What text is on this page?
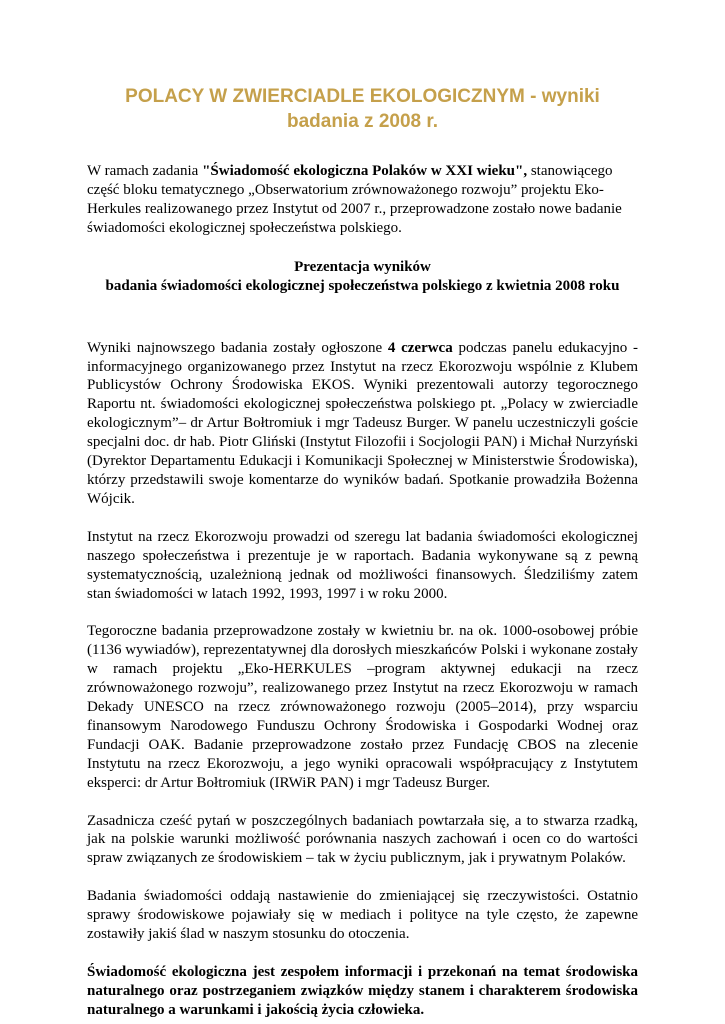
POLACY W ZWIERCIADLE EKOLOGICZNYM - wyniki
badania z 2008 r.

W ramach zadania "Świadomość ekologiczna Polaków w XXI wieku", stanowiącego część bloku tematycznego „Obserwatorium zrównoważonego rozwoju” projektu Eko-Herkules realizowanego przez Instytut od 2007 r., przeprowadzone zostało nowe badanie świadomości ekologicznej społeczeństwa polskiego.

Prezentacja wyników
badania świadomości ekologicznej społeczeństwa polskiego z kwietnia 2008 roku

Wyniki najnowszego badania zostały ogłoszone 4 czerwca podczas panelu edukacyjno - informacyjnego organizowanego przez Instytut na rzecz Ekorozwoju wspólnie z Klubem Publicystów Ochrony Środowiska EKOS. Wyniki prezentowali autorzy tegorocznego Raportu nt. świadomości ekologicznej społeczeństwa polskiego pt. „Polacy w zwierciadle ekologicznym”– dr Artur Bołtromiuk i mgr Tadeusz Burger. W panelu uczestniczyli goście specjalni doc. dr hab. Piotr Gliński (Instytut Filozofii i Socjologii PAN) i Michał Nurzyński (Dyrektor Departamentu Edukacji i Komunikacji Społecznej w Ministerstwie Środowiska), którzy przedstawili swoje komentarze do wyników badań. Spotkanie prowadziła Bożenna Wójcik.

Instytut na rzecz Ekorozwoju prowadzi od szeregu lat badania świadomości ekologicznej naszego społeczeństwa i prezentuje je w raportach. Badania wykonywane są z pewną systematycznością, uzależnioną jednak od możliwości finansowych. Śledziliśmy zatem stan świadomości w latach 1992, 1993, 1997 i w roku 2000.

Tegoroczne badania przeprowadzone zostały w kwietniu br. na ok. 1000-osobowej próbie (1136 wywiadów), reprezentatywnej dla dorosłych mieszkańców Polski i wykonane zostały w ramach projektu „Eko-HERKULES –program aktywnej edukacji na rzecz zrównoważonego rozwoju”, realizowanego przez Instytut na rzecz Ekorozwoju w ramach Dekady UNESCO na rzecz zrównoważonego rozwoju (2005–2014), przy wsparciu finansowym Narodowego Funduszu Ochrony Środowiska i Gospodarki Wodnej oraz Fundacji OAK. Badanie przeprowadzone zostało przez Fundację CBOS na zlecenie Instytutu na rzecz Ekorozwoju, a jego wyniki opracowali współpracujący z Instytutem eksperci: dr Artur Bołtromiuk (IRWiR PAN) i mgr Tadeusz Burger.

Zasadnicza cześć pytań w poszczególnych badaniach powtarzała się, a to stwarza rzadką, jak na polskie warunki możliwość porównania naszych zachowań i ocen co do wartości spraw związanych ze środowiskiem – tak w życiu publicznym, jak i prywatnym Polaków.

Badania świadomości oddają nastawienie do zmieniającej się rzeczywistości. Ostatnio sprawy środowiskowe pojawiały się w mediach i polityce na tyle często, że zapewne zostawiły jakiś ślad w naszym stosunku do otoczenia.

Świadomość ekologiczna jest zespołem informacji i przekonań na temat środowiska naturalnego oraz postrzeganiem związków między stanem i charakterem środowiska naturalnego a warunkami i jakością życia człowieka.
